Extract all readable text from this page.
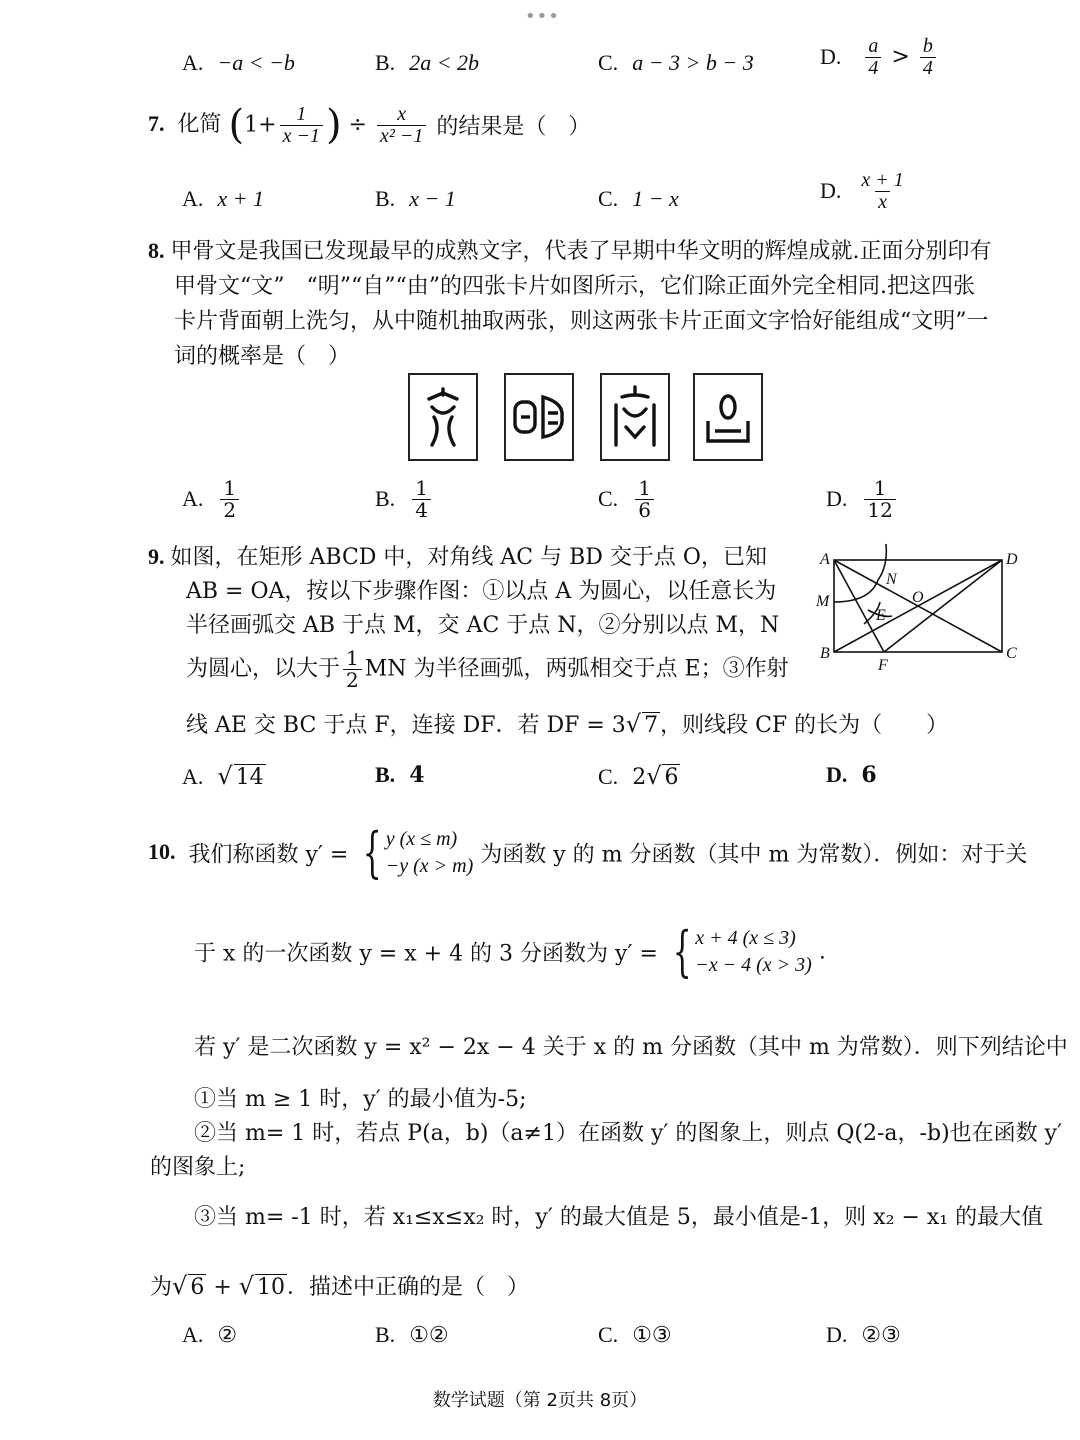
•••
A. −a < −b	B. 2a < 2b	C. a − 3 > b − 3	D. $\frac{a}{4} > \frac{b}{4}$
7. 化简 ($1+ \frac{1}{x -1}$ ) ÷ $\frac{x}{\text{x² −1}}$ 的结果是（　）
A. x + 1	B. x − 1	C. 1 − x	D. $\frac{x + 1}{x}$
8. 甲骨文是我国已发现最早的成熟文字，代表了早期中华文明的辉煌成就.正面分别印有
甲骨文“文”　“明”“自”“由”的四张卡片如图所示，它们除正面外完全相同.把这四张
卡片背面朝上洗匀，从中随机抽取两张，则这两张卡片正面文字恰好能组成“文明”一
词的概率是（　）
A. $\frac{1}{2}$	B. $\frac{1}{4}$	C. $\frac{1}{6}$	D. $\frac{1}{12}$
9. 如图，在矩形 ABCD 中，对角线 AC 与 BD 交于点 O，已知
AB = OA，按以下步骤作图：①以点 A 为圆心，以任意长为
半径画弧交 AB 于点 M，交 AC 于点 N，②分别以点 M，N
为圆心，以大于 $\frac{1}{2}$ MN 为半径画弧，两弧相交于点 E；③作射
线 AE 交 BC 于点 F，连接 DF．若 DF = 3√ 7，则线段 CF 的长为（　　）
A
B	C
D
M
N
O
E
F
A. √ 14	B. 4	C. 2√ 6	D. 6
10. 我们称函数 y′ = { y (x ≤ m)
−y (x > m) 为函数 y 的 m 分函数（其中 m 为常数）．例如：对于关
于 x 的一次函数 y = x + 4 的 3 分函数为 y′ = { x + 4 (x ≤ 3)
−x − 4 (x > 3)
.
若 y′ 是二次函数 y = x² − 2x − 4 关于 x 的 m 分函数（其中 m 为常数）．则下列结论中
①当 m ≥ 1 时，y′ 的最小值为-5;
②当 m= 1 时，若点 P(a，b)（a≠1）在函数 y′ 的图象上，则点 Q(2-a，-b)也在函数 y′
的图象上;
③当 m= -1 时，若 x₁≤x≤x₂ 时，y′ 的最大值是 5，最小值是-1，则 x₂ − x₁ 的最大值
为√ 6 + √ 10．描述中正确的是（　）
A. ②	B. ①②	C. ①③	D. ②③
数学试题（第 2页共 8页）
